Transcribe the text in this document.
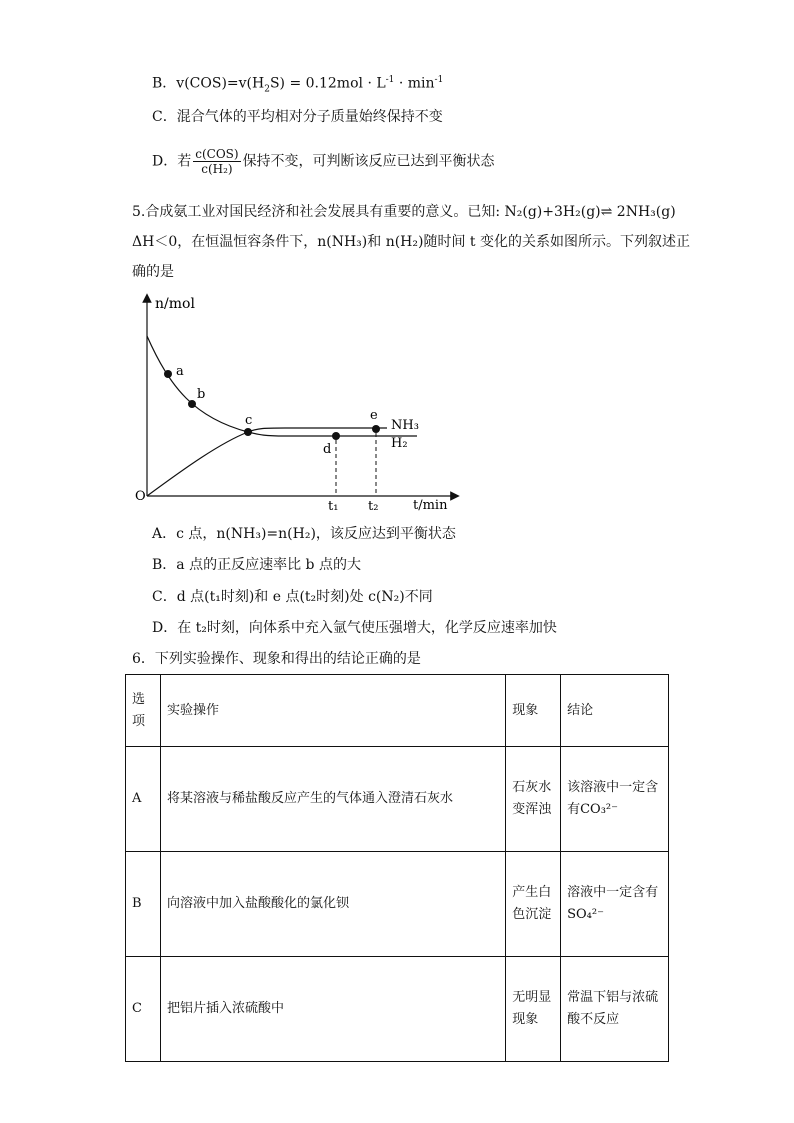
B．$v(COS)=v(H_2S) = 0.12mol \cdot L^{-1} \cdot \min^{-1}$
C．混合气体的平均相对分子质量始终保持不变
D．若 $\frac{\text{c(COS)}}{\text{c(H₂)}}$ 保持不变，可判断该反应已达到平衡状态
5.合成氨工业对国民经济和社会发展具有重要的意义。已知: N₂(g)+3H₂(g)⇌ 2NH₃(g)
ΔH＜0，在恒温恒容条件下，n(NH₃)和 n(H₂)随时间 t 变化的关系如图所示。下列叙述正
确的是
n/mol
t/min
O
a
b
c
d
e
NH₃
H₂
t₁ t₂
A．c 点，n(NH₃)=n(H₂)，该反应达到平衡状态
B．a 点的正反应速率比 b 点的大
C．d 点(t₁时刻)和 e 点(t₂时刻)处 c(N₂)不同
D．在 t₂时刻，向体系中充入氩气使压强增大，化学反应速率加快
6．下列实验操作、现象和得出的结论正确的是
选项	实验操作	现象	结论
A	将某溶液与稀盐酸反应产生的气体通入澄清石灰水	石灰水变浑浊	该溶液中一定含有CO₃²⁻
B	向溶液中加入盐酸酸化的氯化钡	产生白色沉淀	溶液中一定含有SO₄²⁻
C	把铝片插入浓硫酸中	无明显现象	常温下铝与浓硫酸不反应
